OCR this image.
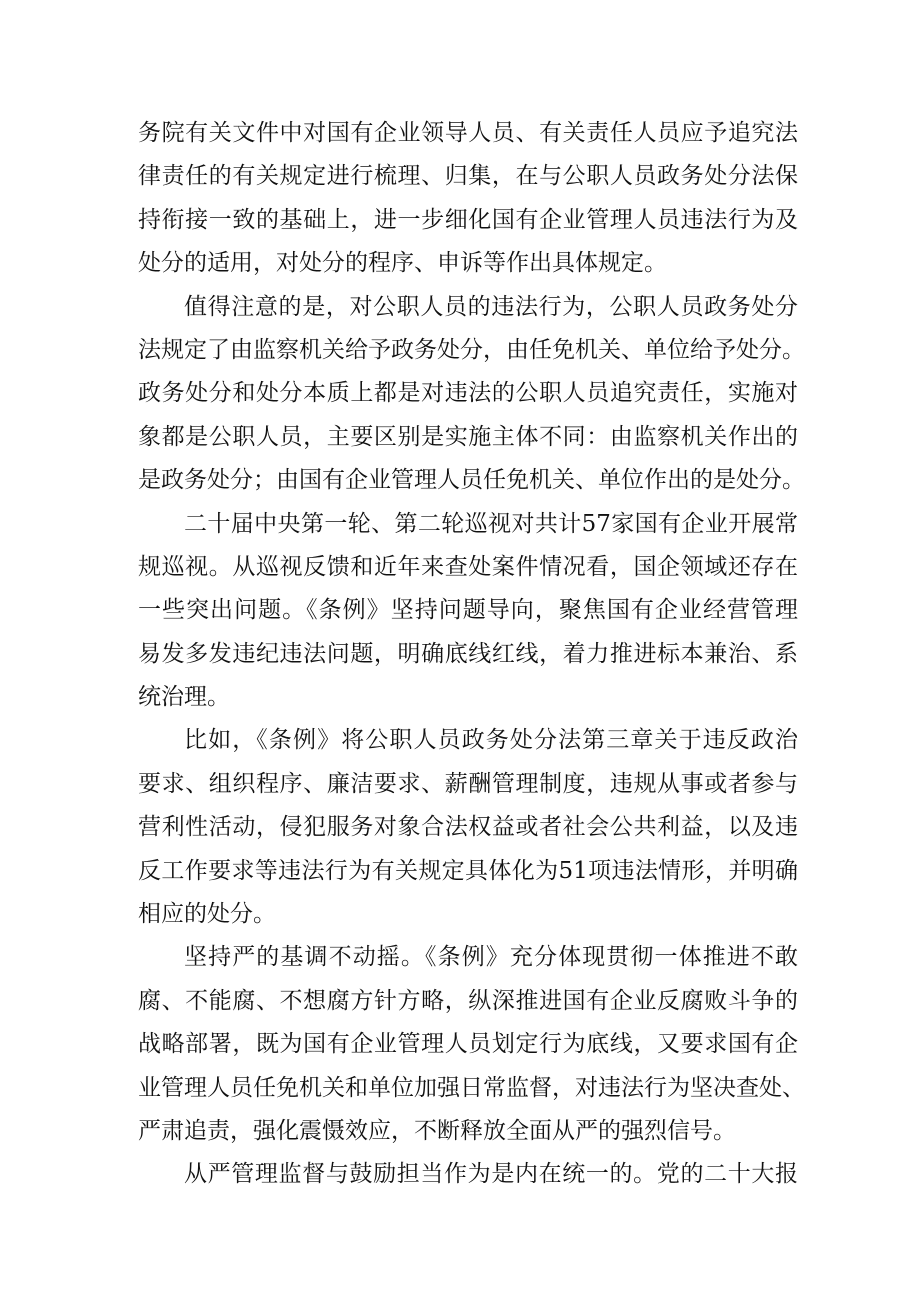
务院有关文件中对国有企业领导人员、有关责任人员应予追究法
律责任的有关规定进行梳理、归集，在与公职人员政务处分法保
持衔接一致的基础上，进一步细化国有企业管理人员违法行为及
处分的适用，对处分的程序、申诉等作出具体规定。
值得注意的是，对公职人员的违法行为，公职人员政务处分
法规定了由监察机关给予政务处分，由任免机关、单位给予处分。
政务处分和处分本质上都是对违法的公职人员追究责任，实施对
象都是公职人员，主要区别是实施主体不同：由监察机关作出的
是政务处分；由国有企业管理人员任免机关、单位作出的是处分。
二十届中央第一轮、第二轮巡视对共计57家国有企业开展常
规巡视。从巡视反馈和近年来查处案件情况看，国企领域还存在
一些突出问题。《条例》坚持问题导向，聚焦国有企业经营管理
易发多发违纪违法问题，明确底线红线，着力推进标本兼治、系
统治理。
比如，《条例》将公职人员政务处分法第三章关于违反政治
要求、组织程序、廉洁要求、薪酬管理制度，违规从事或者参与
营利性活动，侵犯服务对象合法权益或者社会公共利益，以及违
反工作要求等违法行为有关规定具体化为51项违法情形，并明确
相应的处分。
坚持严的基调不动摇。《条例》充分体现贯彻一体推进不敢
腐、不能腐、不想腐方针方略，纵深推进国有企业反腐败斗争的
战略部署，既为国有企业管理人员划定行为底线，又要求国有企
业管理人员任免机关和单位加强日常监督，对违法行为坚决查处、
严肃追责，强化震慑效应，不断释放全面从严的强烈信号。
从严管理监督与鼓励担当作为是内在统一的。党的二十大报
